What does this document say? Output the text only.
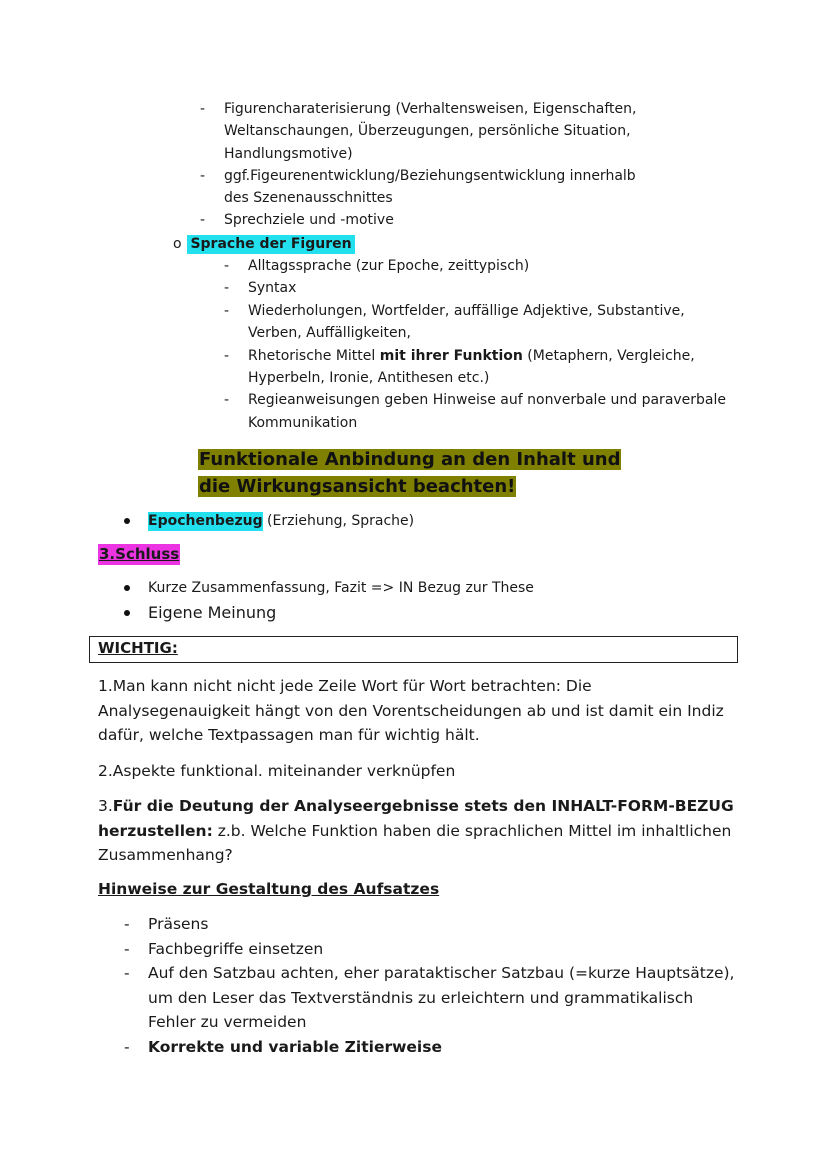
- Figurencharaterisierung (Verhaltensweisen, Eigenschaften, Weltanschaungen, Überzeugungen, persönliche Situation, Handlungsmotive)
- ggf.Figeurenentwicklung/Beziehungsentwicklung innerhalb des Szenenausschnittes
- Sprechziele und -motive
o Sprache der Figuren
- Alltagssprache (zur Epoche, zeittypisch)
- Syntax
- Wiederholungen, Wortfelder, auffällige Adjektive, Substantive, Verben, Auffälligkeiten,
- Rhetorische Mittel mit ihrer Funktion (Metaphern, Vergleiche, Hyperbeln, Ironie, Antithesen etc.)
- Regieanweisungen geben Hinweise auf nonverbale und paraverbale Kommunikation
Funktionale Anbindung an den Inhalt und die Wirkungsansicht beachten!
Epochenbezug (Erziehung, Sprache)
3.Schluss
Kurze Zusammenfassung, Fazit => IN Bezug zur These
Eigene Meinung
WICHTIG:
1.Man kann nicht nicht jede Zeile Wort für Wort betrachten: Die Analysegenauigkeit hängt von den Vorentscheidungen ab und ist damit ein Indiz dafür, welche Textpassagen man für wichtig hält.
2.Aspekte funktional. miteinander verknüpfen
3.Für die Deutung der Analyseergebnisse stets den INHALT-FORM-BEZUG herzustellen: z.b. Welche Funktion haben die sprachlichen Mittel im inhaltlichen Zusammenhang?
Hinweise zur Gestaltung des Aufsatzes
- Präsens
- Fachbegriffe einsetzen
- Auf den Satzbau achten, eher parataktischer Satzbau (=kurze Hauptsätze), um den Leser das Textverständnis zu erleichtern und grammatikalisch Fehler zu vermeiden
- Korrekte und variable Zitierweise
